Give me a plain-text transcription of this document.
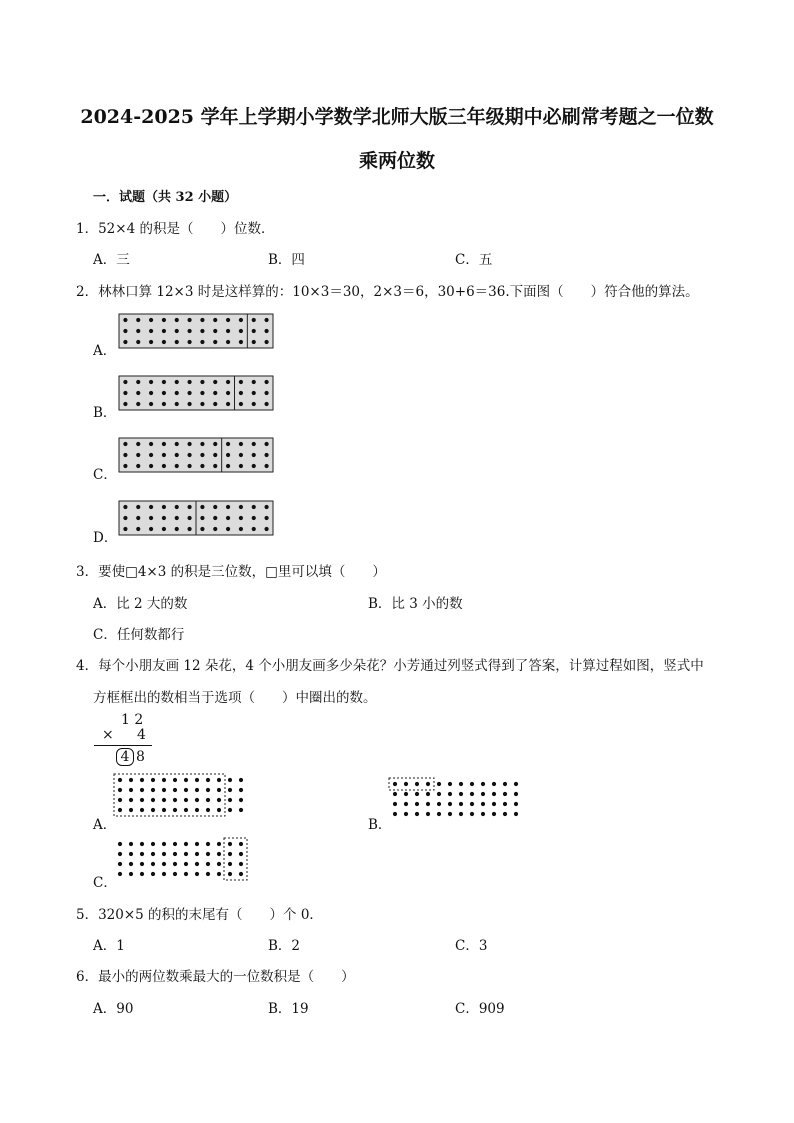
2024-2025 学年上学期小学数学北师大版三年级期中必刷常考题之一位数
乘两位数
一．试题（共 32 小题）
1．52×4 的积是（　　）位数．
A．三	B．四	C．五
2．林林口算 12×3 时是这样算的：10×3＝30，2×3＝6，30+6＝36.下面图（　　）符合他的算法。
A．
B．
C．
D．
3．要使□4×3 的积是三位数，□里可以填（　　）
A．比 2 大的数	B．比 3 小的数
C．任何数都行
4．每个小朋友画 12 朵花，4 个小朋友画多少朵花？小芳通过列竖式得到了答案，计算过程如图，竖式中
方框框出的数相当于选项（　　）中圈出的数。
1 2
× 4
4 8
A．	B．
C．
5．320×5 的积的末尾有（　　）个 0．
A．1	B．2	C．3
6．最小的两位数乘最大的一位数积是（　　）
A．90	B．19	C．909
